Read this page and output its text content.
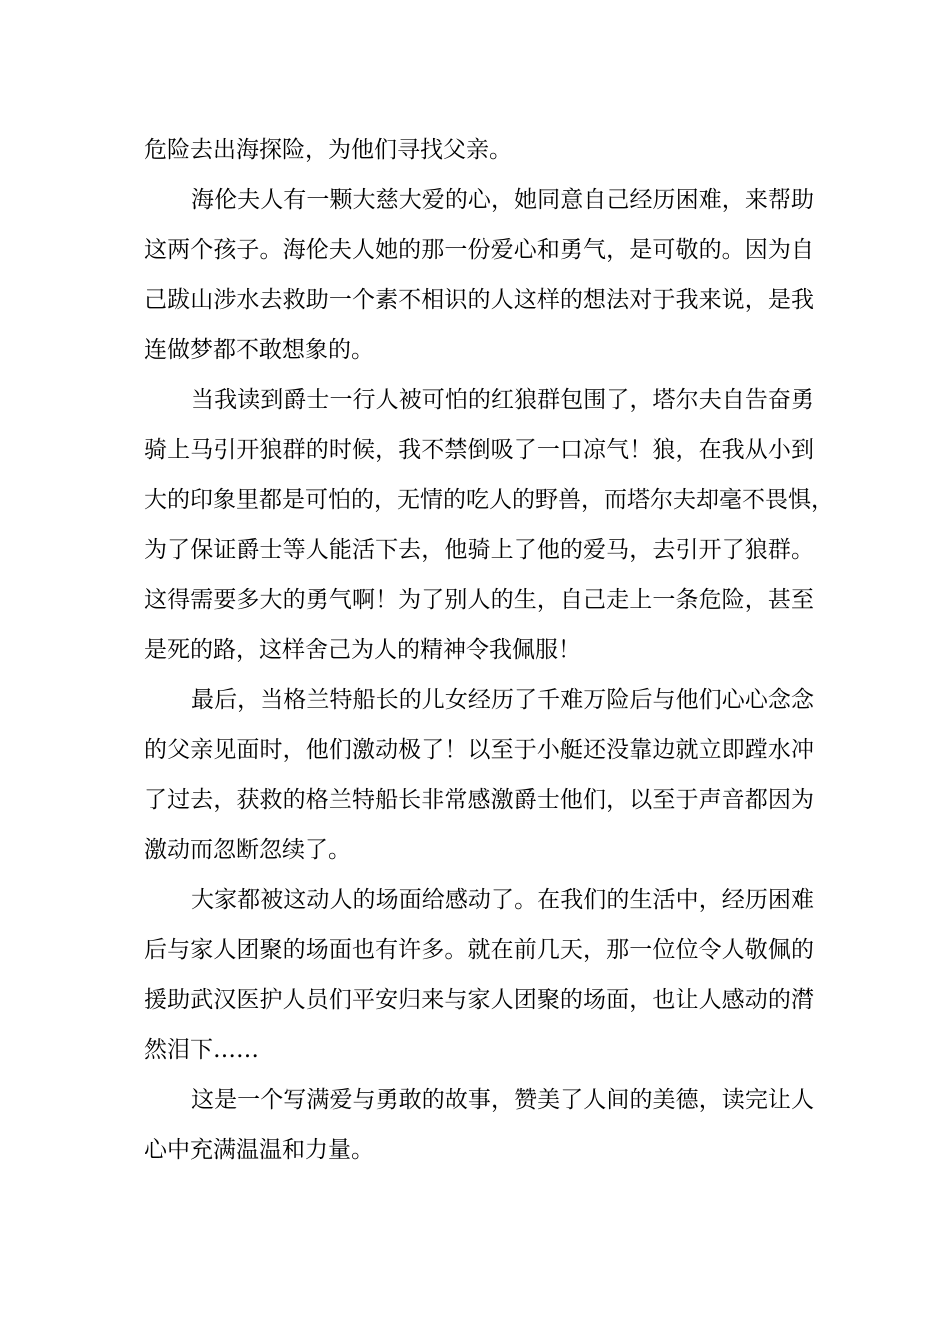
危险去出海探险，为他们寻找父亲。
海伦夫人有一颗大慈大爱的心，她同意自己经历困难，来帮助
这两个孩子。海伦夫人她的那一份爱心和勇气，是可敬的。因为自
己跋山涉水去救助一个素不相识的人这样的想法对于我来说，是我
连做梦都不敢想象的。
当我读到爵士一行人被可怕的红狼群包围了，塔尔夫自告奋勇
骑上马引开狼群的时候，我不禁倒吸了一口凉气！狼，在我从小到
大的印象里都是可怕的，无情的吃人的野兽，而塔尔夫却毫不畏惧，
为了保证爵士等人能活下去，他骑上了他的爱马，去引开了狼群。
这得需要多大的勇气啊！为了别人的生，自己走上一条危险，甚至
是死的路，这样舍己为人的精神令我佩服！
最后，当格兰特船长的儿女经历了千难万险后与他们心心念念
的父亲见面时，他们激动极了！以至于小艇还没靠边就立即蹚水冲
了过去，获救的格兰特船长非常感激爵士他们，以至于声音都因为
激动而忽断忽续了。
大家都被这动人的场面给感动了。在我们的生活中，经历困难
后与家人团聚的场面也有许多。就在前几天，那一位位令人敬佩的
援助武汉医护人员们平安归来与家人团聚的场面，也让人感动的潸
然泪下……
这是一个写满爱与勇敢的故事，赞美了人间的美德，读完让人
心中充满温温和力量。
